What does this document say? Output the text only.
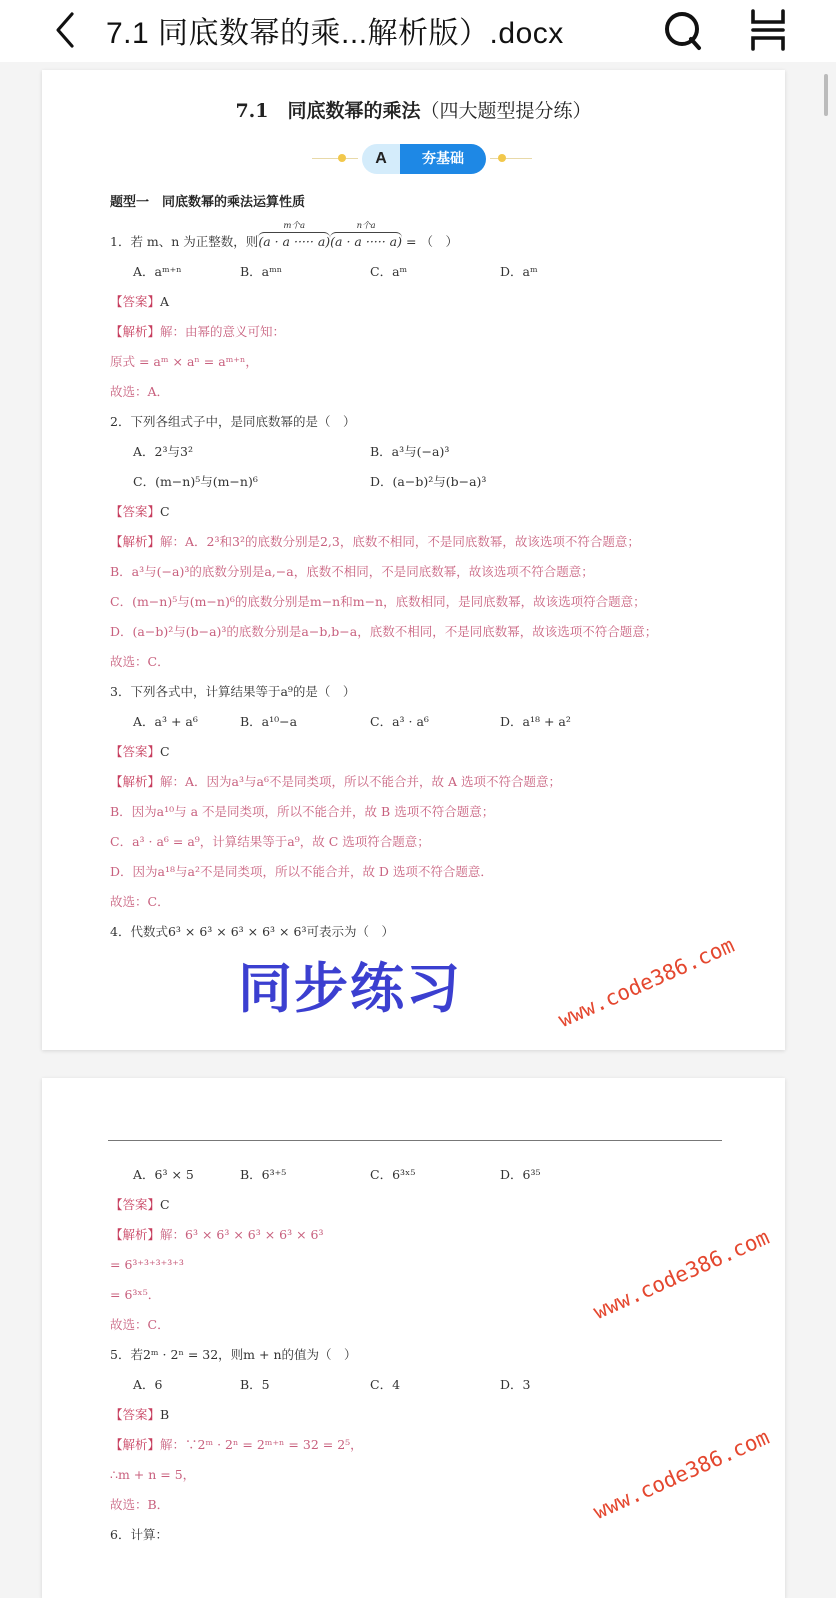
7.1 同底数幂的乘...解析版）.docx
7.1　同底数幂的乘法（四大题型提分练）
A	夯基础
题型一　同底数幂的乘法运算性质
1．若 m、n 为正整数，则
m个a
(a · a ····· a)
n个a
(a · a ····· a) = （　）
A．aᵐ⁺ⁿ	B．aᵐⁿ	C．aᵐ	D．aᵐ
【答案】A
【解析】解：由幂的意义可知：
原式 = aᵐ × aⁿ = aᵐ⁺ⁿ，
故选：A．
2．下列各组式子中，是同底数幂的是（　）
A．2³与3²	B．a³与(−a)³
C．(m−n)⁵与(m−n)⁶	D．(a−b)²与(b−a)³
【答案】C
【解析】解：A．2³和3²的底数分别是2,3，底数不相同，不是同底数幂，故该选项不符合题意；
B．a³与(−a)³的底数分别是a,−a，底数不相同，不是同底数幂，故该选项不符合题意；
C．(m−n)⁵与(m−n)⁶的底数分别是m−n和m−n，底数相同，是同底数幂，故该选项符合题意；
D．(a−b)²与(b−a)³的底数分别是a−b,b−a，底数不相同，不是同底数幂，故该选项不符合题意；
故选：C．
3．下列各式中，计算结果等于a⁹的是（　）
A．a³ + a⁶	B．a¹⁰−a	C．a³ · a⁶	D．a¹⁸ + a²
【答案】C
【解析】解：A．因为a³与a⁶不是同类项，所以不能合并，故 A 选项不符合题意；
B．因为a¹⁰与 a 不是同类项，所以不能合并，故 B 选项不符合题意；
C．a³ · a⁶ = a⁹，计算结果等于a⁹，故 C 选项符合题意；
D．因为a¹⁸与a²不是同类项，所以不能合并，故 D 选项不符合题意．
故选：C．
4．代数式6³ × 6³ × 6³ × 6³ × 6³可表示为（　）
同步练习
A．6³ × 5	B．6³⁺⁵	C．6³ˣ⁵	D．6³⁵
【答案】C
【解析】解：6³ × 6³ × 6³ × 6³ × 6³
= 6³⁺³⁺³⁺³⁺³
= 6³ˣ⁵．
故选：C．
5．若2ᵐ · 2ⁿ = 32，则m + n的值为（　）
A．6	B．5	C．4	D．3
【答案】B
【解析】解：∵2ᵐ · 2ⁿ = 2ᵐ⁺ⁿ = 32 = 2⁵，
∴m + n = 5，
故选：B．
6．计算：
www.code386.com
www.code386.com
www.code386.com
